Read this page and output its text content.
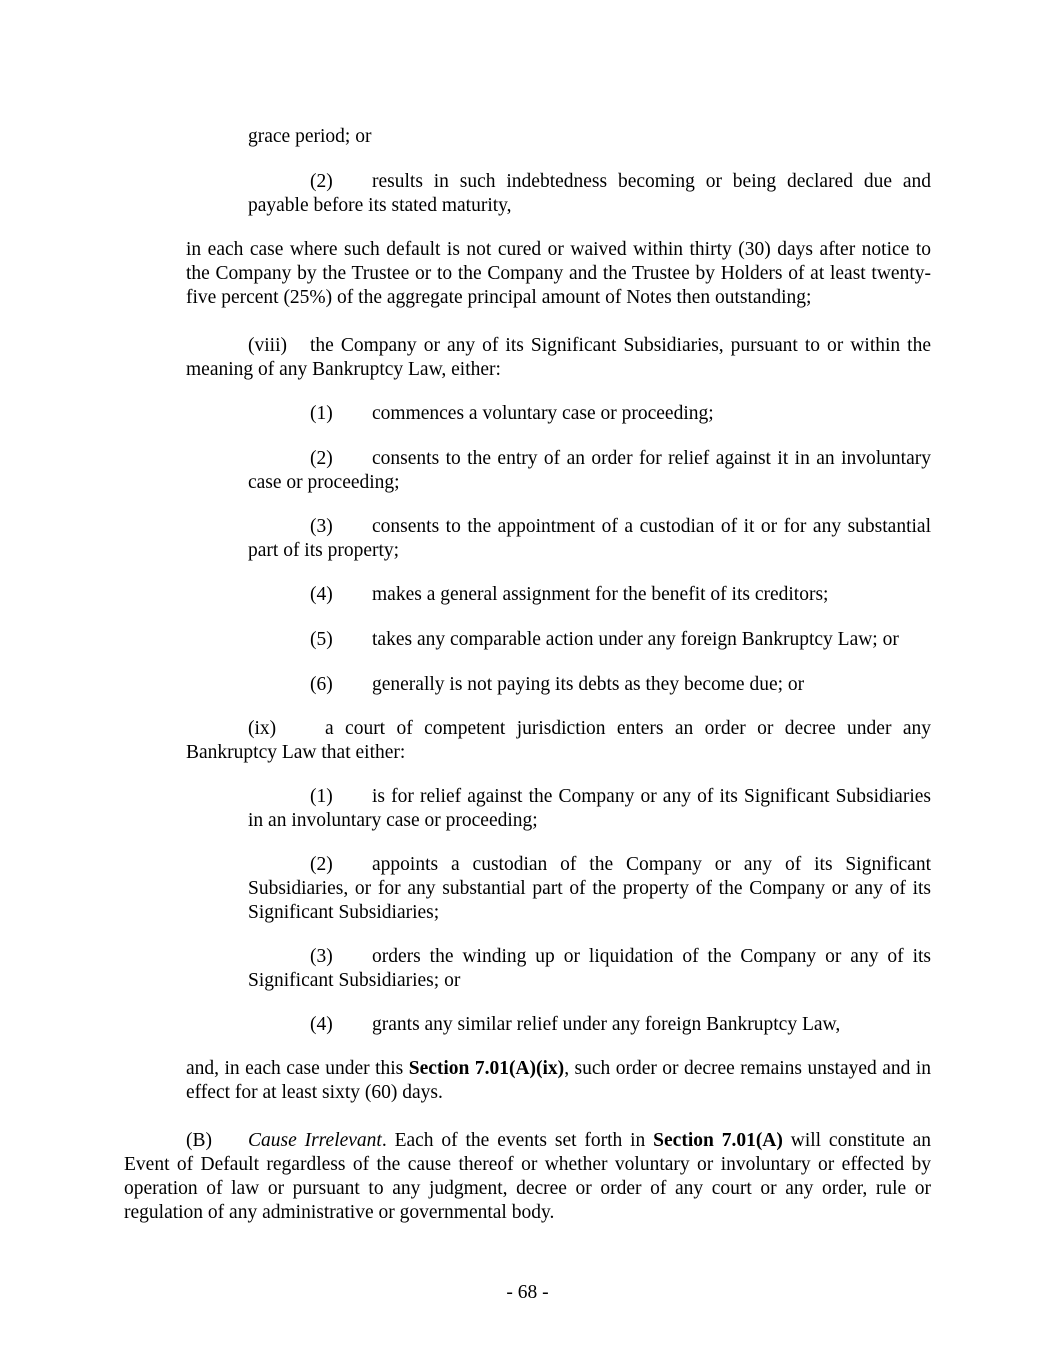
grace period; or

(2) results in such indebtedness becoming or being declared due and payable before its stated maturity,

in each case where such default is not cured or waived within thirty (30) days after notice to the Company by the Trustee or to the Company and the Trustee by Holders of at least twenty-five percent (25%) of the aggregate principal amount of Notes then outstanding;

(viii) the Company or any of its Significant Subsidiaries, pursuant to or within the meaning of any Bankruptcy Law, either:

(1) commences a voluntary case or proceeding;

(2) consents to the entry of an order for relief against it in an involuntary case or proceeding;

(3) consents to the appointment of a custodian of it or for any substantial part of its property;

(4) makes a general assignment for the benefit of its creditors;

(5) takes any comparable action under any foreign Bankruptcy Law; or

(6) generally is not paying its debts as they become due; or

(ix)	a court of competent jurisdiction enters an order or decree under any Bankruptcy Law that either:

(1) is for relief against the Company or any of its Significant Subsidiaries in an involuntary case or proceeding;

(2) appoints a custodian of the Company or any of its Significant Subsidiaries, or for any substantial part of the property of the Company or any of its Significant Subsidiaries;

(3) orders the winding up or liquidation of the Company or any of its Significant Subsidiaries; or

(4) grants any similar relief under any foreign Bankruptcy Law,

and, in each case under this Section 7.01(A)(ix), such order or decree remains unstayed and in effect for at least sixty (60) days.

(B) Cause Irrelevant. Each of the events set forth in Section 7.01(A) will constitute an Event of Default regardless of the cause thereof or whether voluntary or involuntary or effected by operation of law or pursuant to any judgment, decree or order of any court or any order, rule or regulation of any administrative or governmental body.

- 68 -
